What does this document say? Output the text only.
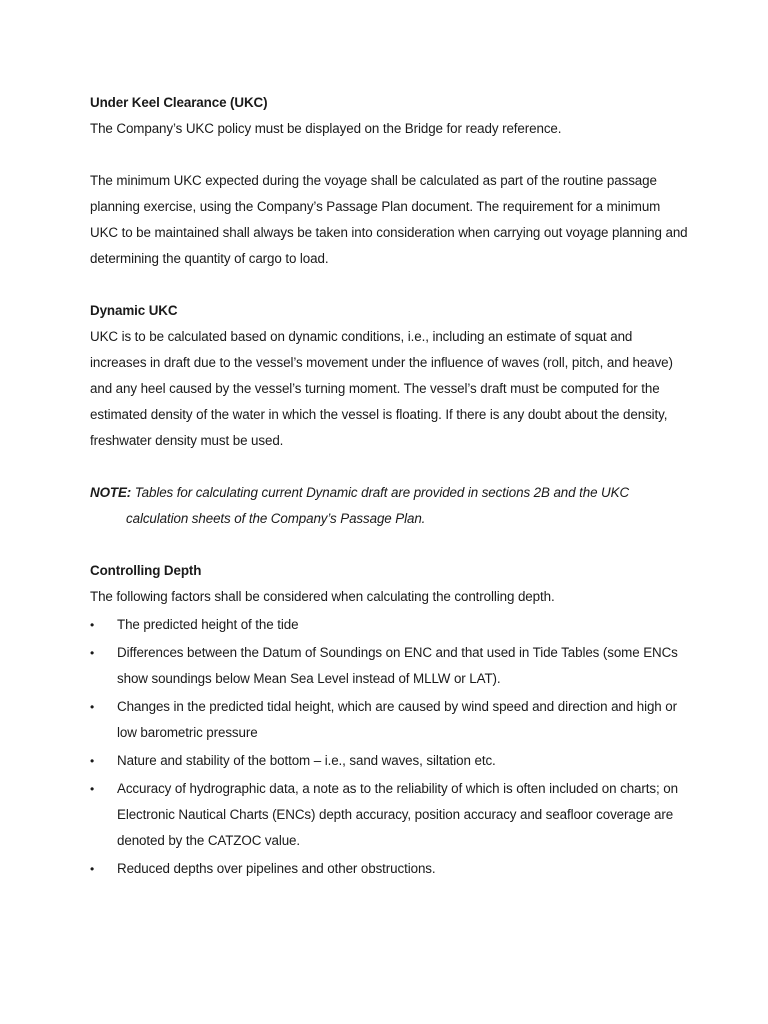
Under Keel Clearance (UKC)

The Company’s UKC policy must be displayed on the Bridge for ready reference.

The minimum UKC expected during the voyage shall be calculated as part of the routine passage planning exercise, using the Company’s Passage Plan document. The requirement for a minimum UKC to be maintained shall always be taken into consideration when carrying out voyage planning and determining the quantity of cargo to load.

Dynamic UKC

UKC is to be calculated based on dynamic conditions, i.e., including an estimate of squat and increases in draft due to the vessel’s movement under the influence of waves (roll, pitch, and heave) and any heel caused by the vessel’s turning moment. The vessel’s draft must be computed for the estimated density of the water in which the vessel is floating. If there is any doubt about the density, freshwater density must be used.

NOTE: Tables for calculating current Dynamic draft are provided in sections 2B and the UKC calculation sheets of the Company’s Passage Plan.

Controlling Depth

The following factors shall be considered when calculating the controlling depth.

•	The predicted height of the tide
•	Differences between the Datum of Soundings on ENC and that used in Tide Tables (some ENCs show soundings below Mean Sea Level instead of MLLW or LAT).
•	Changes in the predicted tidal height, which are caused by wind speed and direction and high or low barometric pressure
•	Nature and stability of the bottom – i.e., sand waves, siltation etc.
•	Accuracy of hydrographic data, a note as to the reliability of which is often included on charts; on Electronic Nautical Charts (ENCs) depth accuracy, position accuracy and seafloor coverage are denoted by the CATZOC value.
•	Reduced depths over pipelines and other obstructions.
